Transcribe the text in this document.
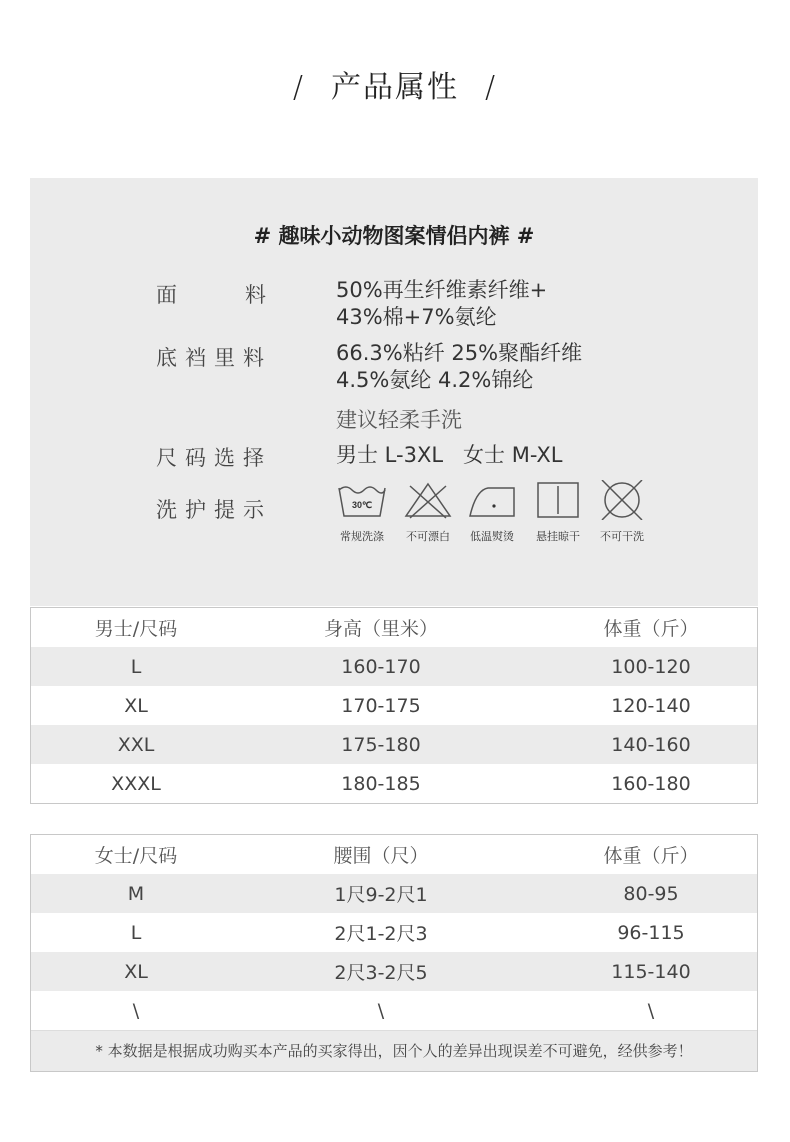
/ 产品属性 /
# 趣味小动物图案情侣内裤 #
面	料	50%再生纤维素纤维+
43%棉+7%氨纶
底裆里料	66.3%粘纤 25%聚酯纤维
4.5%氨纶 4.2%锦纶
建议轻柔手洗
尺码选择	男士 L-3XL   女士 M-XL
洗护提示	30℃
常规洗涤	不可漂白	低温熨烫	悬挂晾干	不可干洗
男士/尺码	身高（里米）	体重（斤）
L	160-170	100-120
XL	170-175	120-140
XXL	175-180	140-160
XXXL	180-185	160-180
女士/尺码	腰围（尺）	体重（斤）
M	1尺9-2尺1	80-95
L	2尺1-2尺3	96-115
XL	2尺3-2尺5	115-140
\	\	\
* 本数据是根据成功购买本产品的买家得出，因个人的差异出现误差不可避免，经供参考！
